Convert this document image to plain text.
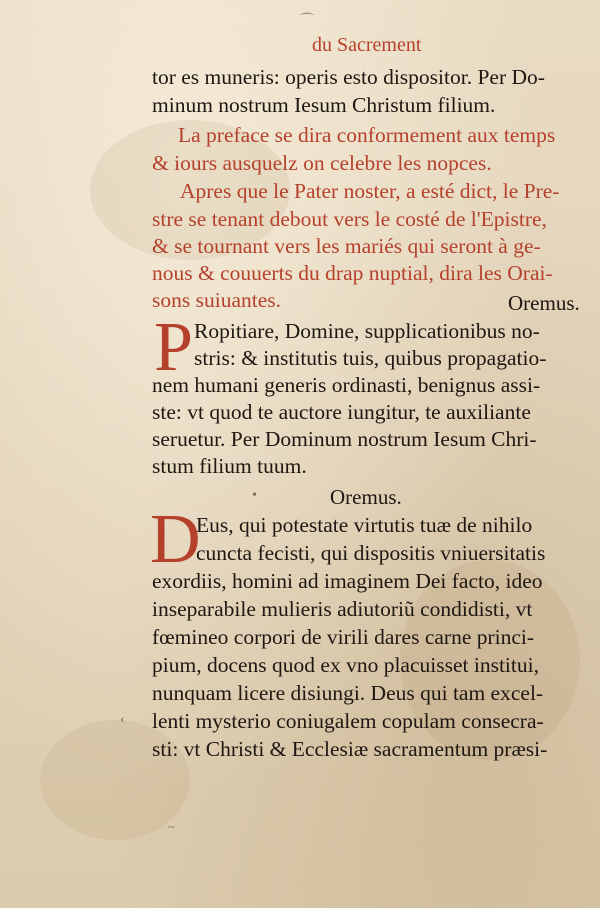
⌒
•
‹
du Sacrement
tor es muneris: operis esto dispositor. Per Do-
minum nostrum Iesum Christum filium.
La preface se dira conformement aux temps
& iours ausquelz on celebre les nopces.
Apres que le Pater noster, a esté dict, le Pre-
stre se tenant debout vers le costé de l'Epistre,
& se tournant vers les mariés qui seront à ge-
nous & couuerts du drap nuptial, dira les Orai-
sons suiuantes.	Oremus.
P Ropitiare, Domine, supplicationibus no-
stris: & institutis tuis, quibus propagatio-
nem humani generis ordinasti, benignus assi-
ste: vt quod te auctore iungitur, te auxiliante
seruetur. Per Dominum nostrum Iesum Chri-
stum filium tuum.
Oremus.
D
Eus, qui potestate virtutis tuæ de nihilo
cuncta fecisti, qui dispositis vniuersitatis
exordiis, homini ad imaginem Dei facto, ideo
inseparabile mulieris adiutoriũ condidisti, vt
fœmineo corpori de virili dares carne princi-
pium, docens quod ex vno placuisset institui,
nunquam licere disiungi. Deus qui tam excel-
lenti mysterio coniugalem copulam consecra-
sti: vt Christi & Ecclesiæ sacramentum præsi-
~
